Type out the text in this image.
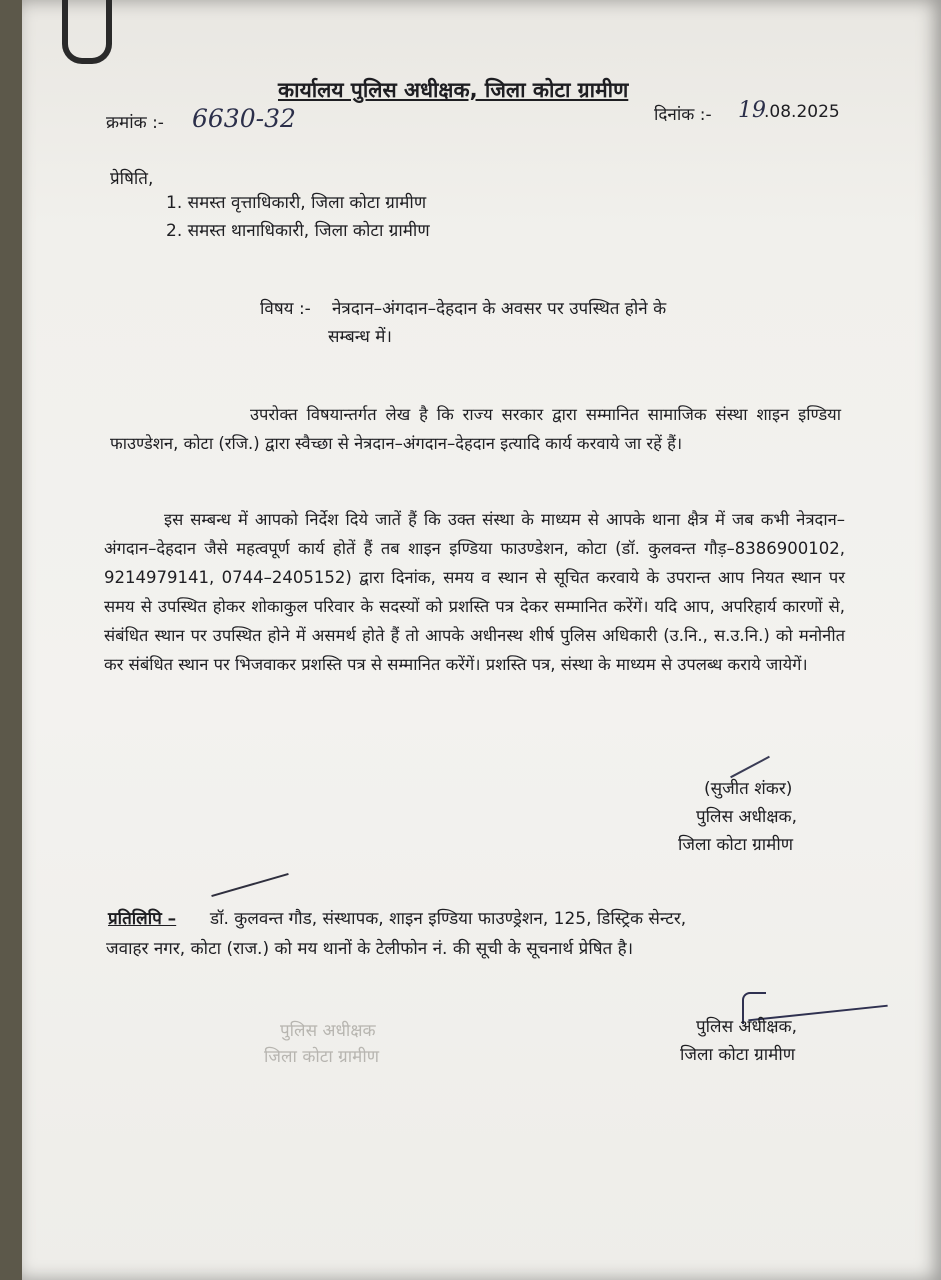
कार्यालय पुलिस अधीक्षक, जिला कोटा ग्रामीण

क्रमांक :- 6630-32	दिनांक :- 19
.08.2025

प्रेषिति,

1. समस्त वृत्ताधिकारी, जिला कोटा ग्रामीण

2. समस्त थानाधिकारी, जिला कोटा ग्रामीण

विषय :- नेत्रदान–अंगदान–देहदान के अवसर पर उपस्थित होने के
सम्बन्ध में।

उपरोक्त विषयान्तर्गत लेख है कि राज्य सरकार द्वारा सम्मानित सामाजिक संस्था शाइन इण्डिया फाउण्डेशन, कोटा (रजि.) द्वारा स्वैच्छा से नेत्रदान–अंगदान–देहदान इत्यादि कार्य करवाये जा रहें हैं।

इस सम्बन्ध में आपको निर्देश दिये जातें हैं कि उक्त संस्था के माध्यम से आपके थाना क्षैत्र में जब कभी नेत्रदान–अंगदान–देहदान जैसे महत्वपूर्ण कार्य होतें हैं तब शाइन इण्डिया फाउण्डेशन, कोटा (डॉ. कुलवन्त गौड़–8386900102, 9214979141, 0744–2405152) द्वारा दिनांक, समय व स्थान से सूचित करवाये के उपरान्त आप नियत स्थान पर समय से उपस्थित होकर शोकाकुल परिवार के सदस्यों को प्रशस्ति पत्र देकर सम्मानित करेंगें। यदि आप, अपरिहार्य कारणों से, संबंधित स्थान पर उपस्थित होने में असमर्थ होते हैं तो आपके अधीनस्थ शीर्ष पुलिस अधिकारी (उ.नि., स.उ.नि.) को मनोनीत कर संबंधित स्थान पर भिजवाकर प्रशस्ति पत्र से सम्मानित करेंगें। प्रशस्ति पत्र, संस्था के माध्यम से उपलब्ध कराये जायेगें।

(सुजीत शंकर)

पुलिस अधीक्षक,

जिला कोटा ग्रामीण

प्रतिलिपि – डॉ. कुलवन्त गौड, संस्थापक, शाइन इण्डिया फाउण्ड्रेशन, 125, डिस्ट्रिक सेन्टर,

जवाहर नगर, कोटा (राज.) को मय थानों के टेलीफोन नं. की सूची के सूचनार्थ प्रेषित है।

पुलिस अधीक्षक

जिला कोटा ग्रामीण

पुलिस अधीक्षक,

जिला कोटा ग्रामीण
